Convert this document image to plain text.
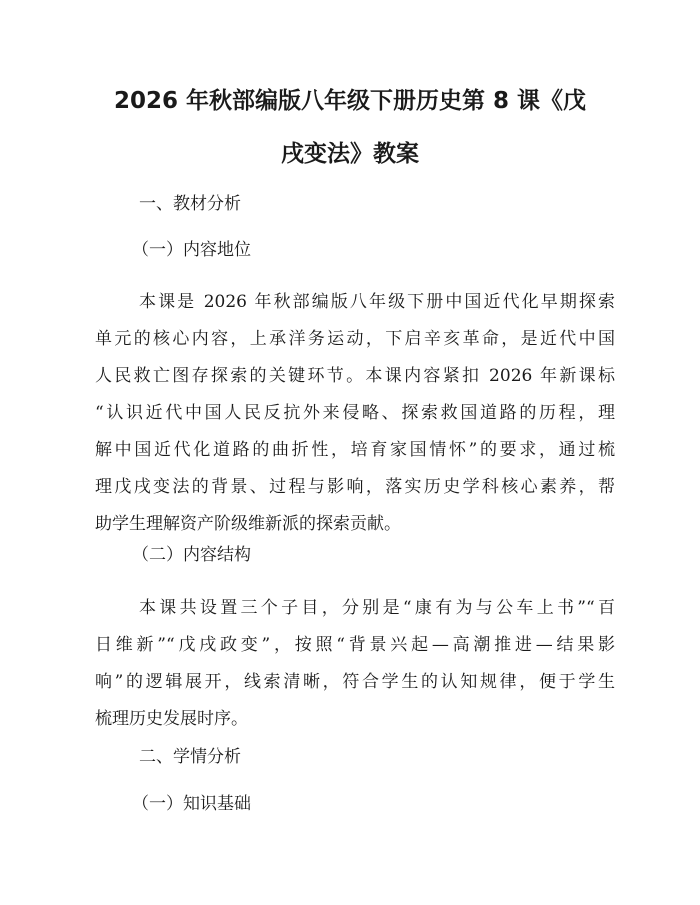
2026 年秋部编版八年级下册历史第 8 课《戊
戌变法》教案

一、教材分析

（一）内容地位

本课是 2026 年秋部编版八年级下册中国近代化早期探索
单元的核心内容，上承洋务运动，下启辛亥革命，是近代中国
人民救亡图存探索的关键环节。本课内容紧扣 2026 年新课标
“认识近代中国人民反抗外来侵略、探索救国道路的历程，理
解中国近代化道路的曲折性，培育家国情怀”的要求，通过梳
理戊戌变法的背景、过程与影响，落实历史学科核心素养，帮
助学生理解资产阶级维新派的探索贡献。

（二）内容结构

本课共设置三个子目，分别是“康有为与公车上书”“百
日维新”“戊戌政变”，按照“背景兴起—高潮推进—结果影
响”的逻辑展开，线索清晰，符合学生的认知规律，便于学生
梳理历史发展时序。

二、学情分析

（一）知识基础
